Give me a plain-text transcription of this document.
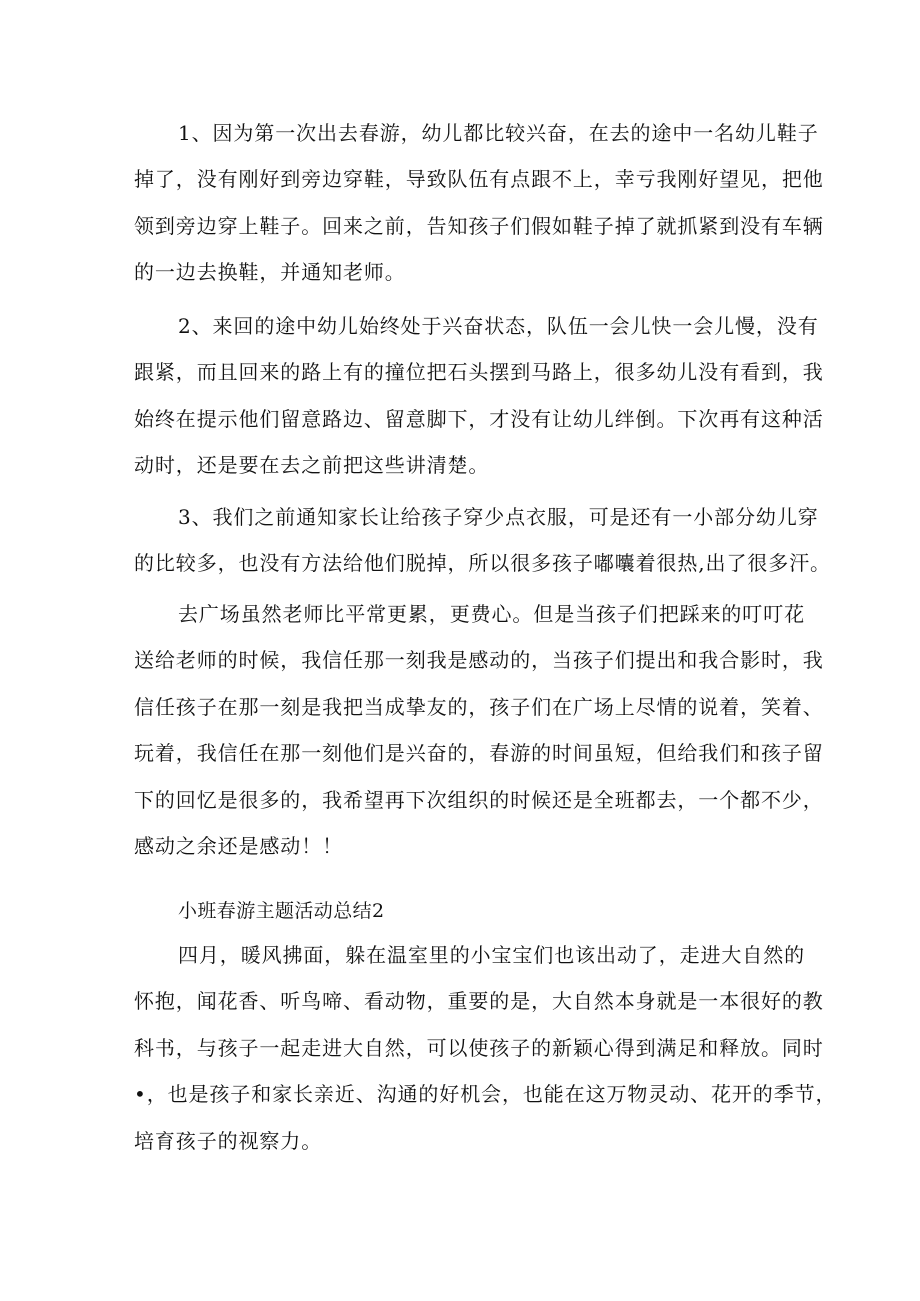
1、因为第一次出去春游，幼儿都比较兴奋，在去的途中一名幼儿鞋子
掉了，没有刚好到旁边穿鞋，导致队伍有点跟不上，幸亏我刚好望见，把他
领到旁边穿上鞋子。回来之前，告知孩子们假如鞋子掉了就抓紧到没有车辆
的一边去换鞋，并通知老师。
2、来回的途中幼儿始终处于兴奋状态，队伍一会儿快一会儿慢，没有
跟紧，而且回来的路上有的撞位把石头摆到马路上，很多幼儿没有看到，我
始终在提示他们留意路边、留意脚下，才没有让幼儿绊倒。下次再有这种活
动时，还是要在去之前把这些讲清楚。
3、我们之前通知家长让给孩子穿少点衣服，可是还有一小部分幼儿穿
的比较多，也没有方法给他们脱掉，所以很多孩子嘟囔着很热,出了很多汗。
去广场虽然老师比平常更累，更费心。但是当孩子们把踩来的叮叮花
送给老师的时候，我信任那一刻我是感动的，当孩子们提出和我合影时，我
信任孩子在那一刻是我把当成挚友的，孩子们在广场上尽情的说着，笑着、
玩着，我信任在那一刻他们是兴奋的，春游的时间虽短，但给我们和孩子留
下的回忆是很多的，我希望再下次组织的时候还是全班都去，一个都不少，
感动之余还是感动！！
小班春游主题活动总结2
四月，暖风拂面，躲在温室里的小宝宝们也该出动了，走进大自然的
怀抱，闻花香、听鸟啼、看动物，重要的是，大自然本身就是一本很好的教
科书，与孩子一起走进大自然，可以使孩子的新颖心得到满足和释放。同时
•，也是孩子和家长亲近、沟通的好机会，也能在这万物灵动、花开的季节，
培育孩子的视察力。
